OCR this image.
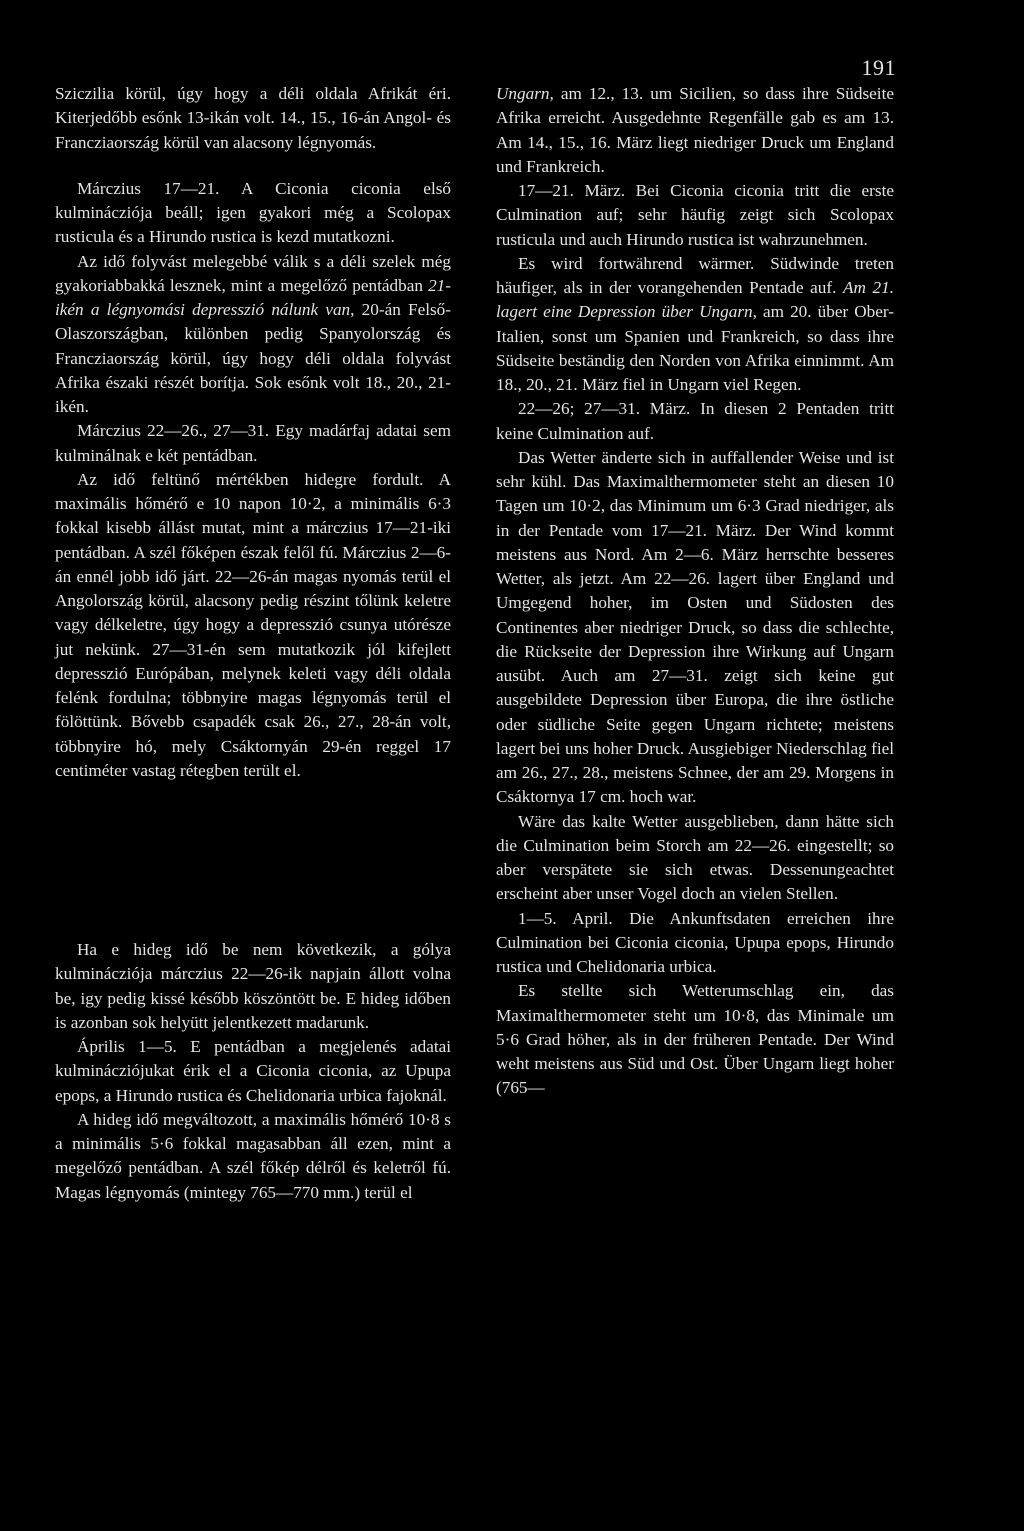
191

Sziczilia körül, úgy hogy a déli oldala Afrikát éri. Kiterjedőbb esőnk 13-ikán volt. 14., 15., 16-án Angol- és Francziaország körül van alacsony légnyomás.

Márczius 17—21. A Ciconia ciconia első kulminácziója beáll; igen gyakori még a Scolopax rusticula és a Hirundo rustica is kezd mutatkozni.

Az idő folyvást melegebbé válik s a déli szelek még gyakoriabbakká lesznek, mint a megelőző pentádban 21-ikén a légnyomási depresszió nálunk van, 20-án Felső-Olaszországban, különben pedig Spanyolország és Francziaország körül, úgy hogy déli oldala folyvást Afrika északi részét borítja. Sok esőnk volt 18., 20., 21-ikén.

Márczius 22—26., 27—31. Egy madárfaj adatai sem kulminálnak e két pentádban.

Az idő feltünő mértékben hidegre fordult. A maximális hőmérő e 10 napon 10·2, a minimális 6·3 fokkal kisebb állást mutat, mint a márczius 17—21-iki pentádban. A szél főképen észak felől fú. Márczius 2—6-án ennél jobb idő járt. 22—26-án magas nyomás terül el Angolország körül, alacsony pedig részint tőlünk keletre vagy délkeletre, úgy hogy a depresszió csunya utórésze jut nekünk. 27—31-én sem mutatkozik jól kifejlett depresszió Európában, melynek keleti vagy déli oldala felénk fordulna; többnyire magas légnyomás terül el fölöttünk. Bővebb csapadék csak 26., 27., 28-án volt, többnyire hó, mely Csáktornyán 29-én reggel 17 centiméter vastag rétegben terült el.

Ha e hideg idő be nem következik, a gólya kulminácziója márczius 22—26-ik napjain állott volna be, igy pedig kissé később köszöntött be. E hideg időben is azonban sok helyütt jelentkezett madarunk.

Április 1—5. E pentádban a megjelenés adatai kulminácziójukat érik el a Ciconia ciconia, az Upupa epops, a Hirundo rustica és Chelidonaria urbica fajoknál.

A hideg idő megváltozott, a maximális hőmérő 10·8 s a minimális 5·6 fokkal magasabban áll ezen, mint a megelőző pentádban. A szél főkép délről és keletről fú. Magas légnyomás (mintegy 765—770 mm.) terül el

Ungarn, am 12., 13. um Sicilien, so dass ihre Südseite Afrika erreicht. Ausgedehnte Regenfälle gab es am 13. Am 14., 15., 16. März liegt niedriger Druck um England und Frankreich.

17—21. März. Bei Ciconia ciconia tritt die erste Culmination auf; sehr häufig zeigt sich Scolopax rusticula und auch Hirundo rustica ist wahrzunehmen.

Es wird fortwährend wärmer. Südwinde treten häufiger, als in der vorangehenden Pentade auf. Am 21. lagert eine Depression über Ungarn, am 20. über Ober-Italien, sonst um Spanien und Frankreich, so dass ihre Südseite beständig den Norden von Afrika einnimmt. Am 18., 20., 21. März fiel in Ungarn viel Regen.

22—26; 27—31. März. In diesen 2 Pentaden tritt keine Culmination auf.

Das Wetter änderte sich in auffallender Weise und ist sehr kühl. Das Maximalthermometer steht an diesen 10 Tagen um 10·2, das Minimum um 6·3 Grad niedriger, als in der Pentade vom 17—21. März. Der Wind kommt meistens aus Nord. Am 2—6. März herrschte besseres Wetter, als jetzt. Am 22—26. lagert über England und Umgegend hoher, im Osten und Südosten des Continentes aber niedriger Druck, so dass die schlechte, die Rückseite der Depression ihre Wirkung auf Ungarn ausübt. Auch am 27—31. zeigt sich keine gut ausgebildete Depression über Europa, die ihre östliche oder südliche Seite gegen Ungarn richtete; meistens lagert bei uns hoher Druck. Ausgiebiger Niederschlag fiel am 26., 27., 28., meistens Schnee, der am 29. Morgens in Csáktornya 17 cm. hoch war.

Wäre das kalte Wetter ausgeblieben, dann hätte sich die Culmination beim Storch am 22—26. eingestellt; so aber verspätete sie sich etwas. Dessenungeachtet erscheint aber unser Vogel doch an vielen Stellen.

1—5. April. Die Ankunftsdaten erreichen ihre Culmination bei Ciconia ciconia, Upupa epops, Hirundo rustica und Chelidonaria urbica.

Es stellte sich Wetterumschlag ein, das Maximalthermometer steht um 10·8, das Minimale um 5·6 Grad höher, als in der früheren Pentade. Der Wind weht meistens aus Süd und Ost. Über Ungarn liegt hoher (765—
